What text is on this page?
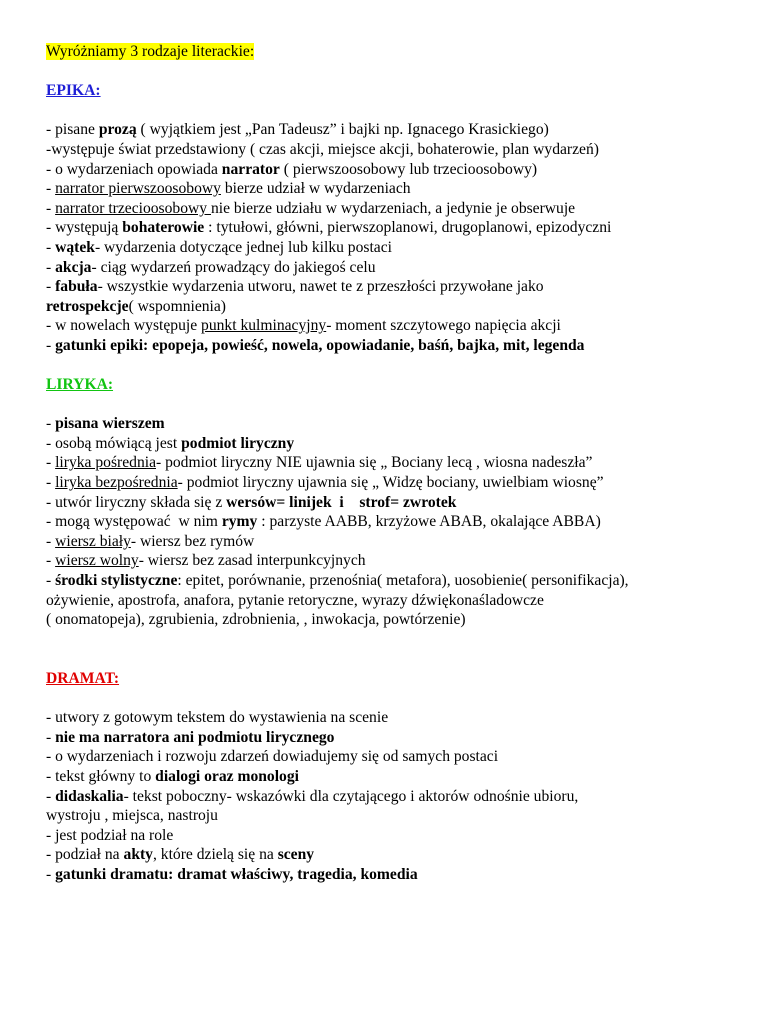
Wyróżniamy 3 rodzaje literackie:
EPIKA:
- pisane prozą ( wyjątkiem jest „Pan Tadeusz” i bajki np. Ignacego Krasickiego)
-występuje świat przedstawiony ( czas akcji, miejsce akcji, bohaterowie, plan wydarzeń)
- o wydarzeniach opowiada narrator ( pierwszoosobowy lub trzecioosobowy)
- narrator pierwszoosobowy bierze udział w wydarzeniach
- narrator trzecioosobowy nie bierze udziału w wydarzeniach, a jedynie je obserwuje
- występują bohaterowie : tytułowi, główni, pierwszoplanowi, drugoplanowi, epizodyczni
- wątek- wydarzenia dotyczące jednej lub kilku postaci
- akcja- ciąg wydarzeń prowadzący do jakiegoś celu
- fabuła- wszystkie wydarzenia utworu, nawet te z przeszłości przywołane jako
retrospekcje( wspomnienia)
- w nowelach występuje punkt kulminacyjny- moment szczytowego napięcia akcji
- gatunki epiki: epopeja, powieść, nowela, opowiadanie, baśń, bajka, mit, legenda
LIRYKA:
- pisana wierszem
- osobą mówiącą jest podmiot liryczny
- liryka pośrednia- podmiot liryczny NIE ujawnia się „ Bociany lecą , wiosna nadeszła”
- liryka bezpośrednia- podmiot liryczny ujawnia się „ Widzę bociany, uwielbiam wiosnę”
- utwór liryczny składa się z wersów= linijek  i    strof= zwrotek
- mogą występować  w nim rymy : parzyste AABB, krzyżowe ABAB, okalające ABBA)
- wiersz biały- wiersz bez rymów
- wiersz wolny- wiersz bez zasad interpunkcyjnych
- środki stylistyczne: epitet, porównanie, przenośnia( metafora), uosobienie( personifikacja),
ożywienie, apostrofa, anafora, pytanie retoryczne, wyrazy dźwiękonaśladowcze
( onomatopeja), zgrubienia, zdrobnienia, , inwokacja, powtórzenie)
DRAMAT:
- utwory z gotowym tekstem do wystawienia na scenie
- nie ma narratora ani podmiotu lirycznego
- o wydarzeniach i rozwoju zdarzeń dowiadujemy się od samych postaci
- tekst główny to dialogi oraz monologi
- didaskalia- tekst poboczny- wskazówki dla czytającego i aktorów odnośnie ubioru,
wystroju , miejsca, nastroju
- jest podział na role
- podział na akty, które dzielą się na sceny
- gatunki dramatu: dramat właściwy, tragedia, komedia
